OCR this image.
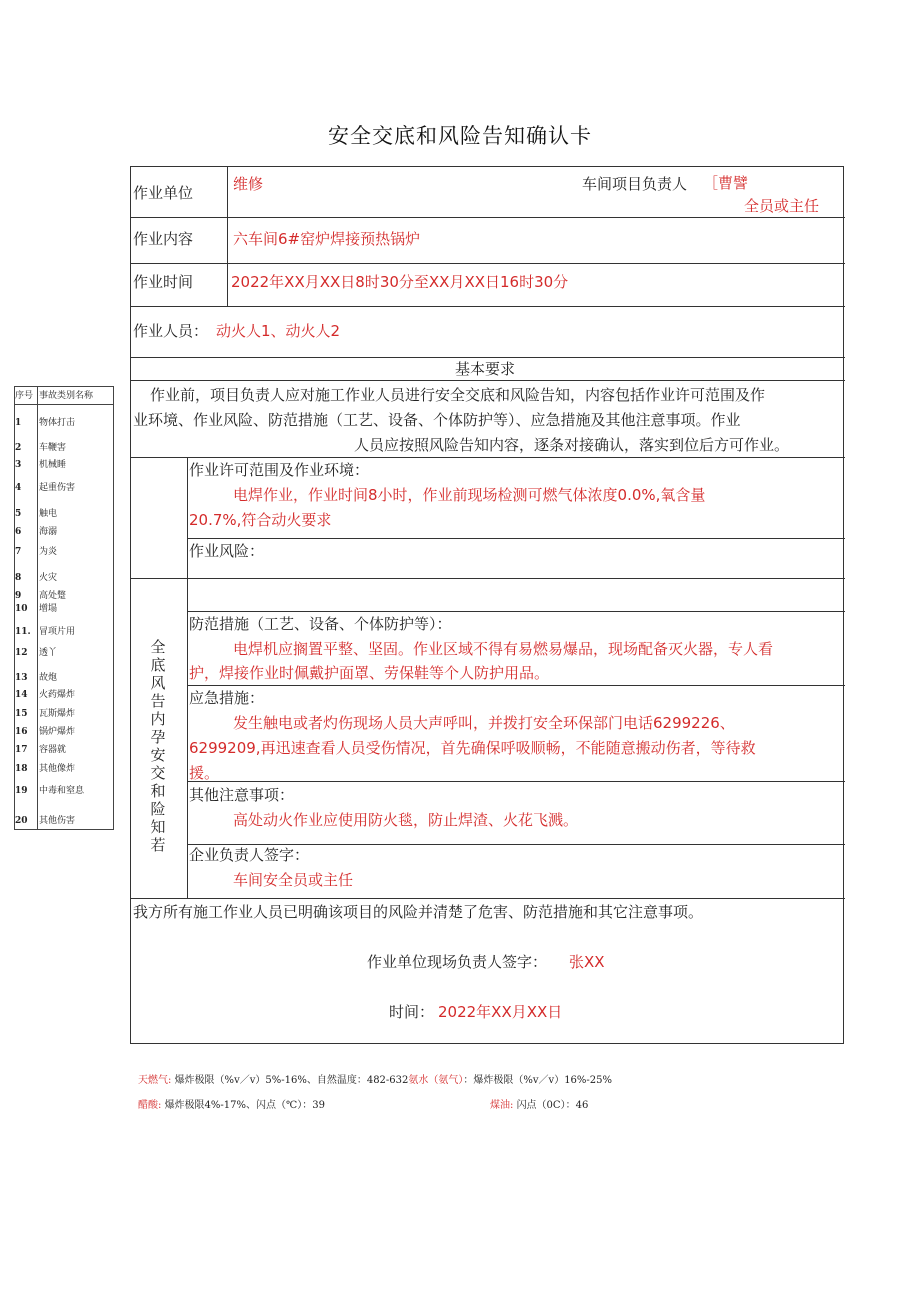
安全交底和风险告知确认卡
作业单位	维修	车间项目负责人 ［曹譬
全员或主任
作业内容	六车间6#窑炉焊接预热锅炉
作业时间	2022年XX月XX日8时30分至XX月XX日16时30分
作业人员： 动火人1、动火人2
基本要求
作业前，项目负责人应对施工作业人员进行安全交底和风险告知，内容包括作业许可范围及作
业环境、作业风险、防范措施（工艺、设备、个体防护等）、应急措施及其他注意事项。作业
人员应按照风险告知内容，逐条对接确认，落实到位后方可作业。
作业许可范围及作业环境：
电焊作业，作业时间8小时，作业前现场检测可燃气体浓度0.0%,氧含量
20.7%,符合动火要求
作业风险：
防范措施（工艺、设备、个体防护等）：
电焊机应搁置平整、坚固。作业区域不得有易燃易爆品，现场配备灭火器，专人看
护，焊接作业时佩戴护面罩、劳保鞋等个人防护用品。
应急措施：
发生触电或者灼伤现场人员大声呼叫，并拨打安全环保部门电话6299226、
6299209,再迅速查看人员受伤情况，首先确保呼吸顺畅，不能随意搬动伤者，等待救
援。
其他注意事项：
高处动火作业应使用防火毯，防止焊渣、火花飞溅。
企业负责人签字：
车间安全员或主任
全底风告内孕安交和险知若
我方所有施工作业人员已明确该项目的风险并清楚了危害、防范措施和其它注意事项。
作业单位现场负责人签字： 张XX
时间： 2022年XX月XX日
序号 事故类别名称
1 物体打击
2 车鞭害
3 机械睡
4 起重伤害
5 触电
6 海溺
7 为炎
8 火灾
9 高处蹩
10 增塌
11. 冒项片用
12 透丫
13 故炮
14 火药爆炸
15 瓦斯爆炸
16 锅炉爆炸
17 容器就
18 其他像炸
19 中毒和窒息
20 其他伤害
天燃气: 爆炸极限（%v／v）5%-16%、自然温度：482-632氨水（氨气）：爆炸极限（%v／v）16%-25%
醋酸: 爆炸极限4%-17%、闪点（℃）：39	煤油: 闪点（0C）：46
